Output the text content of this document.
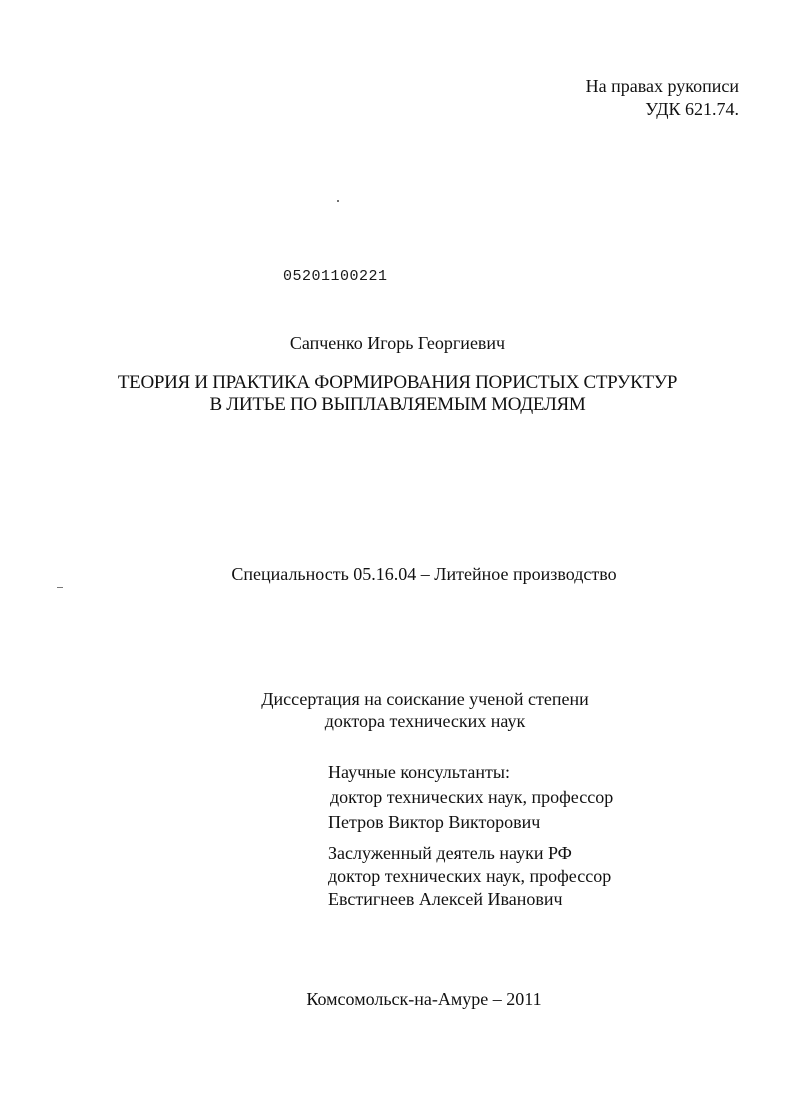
На правах рукописи
УДК 621.74.
05201100221
Сапченко Игорь Георгиевич
ТЕОРИЯ И ПРАКТИКА ФОРМИРОВАНИЯ ПОРИСТЫХ СТРУКТУР
В ЛИТЬЕ ПО ВЫПЛАВЛЯЕМЫМ МОДЕЛЯМ
Специальность 05.16.04 – Литейное производство
Диссертация на соискание ученой степени
доктора технических наук
Научные консультанты:
доктор технических наук, профессор
Петров Виктор Викторович
Заслуженный деятель науки РФ
доктор технических наук, профессор
Евстигнеев Алексей Иванович
Комсомольск-на-Амуре – 2011
